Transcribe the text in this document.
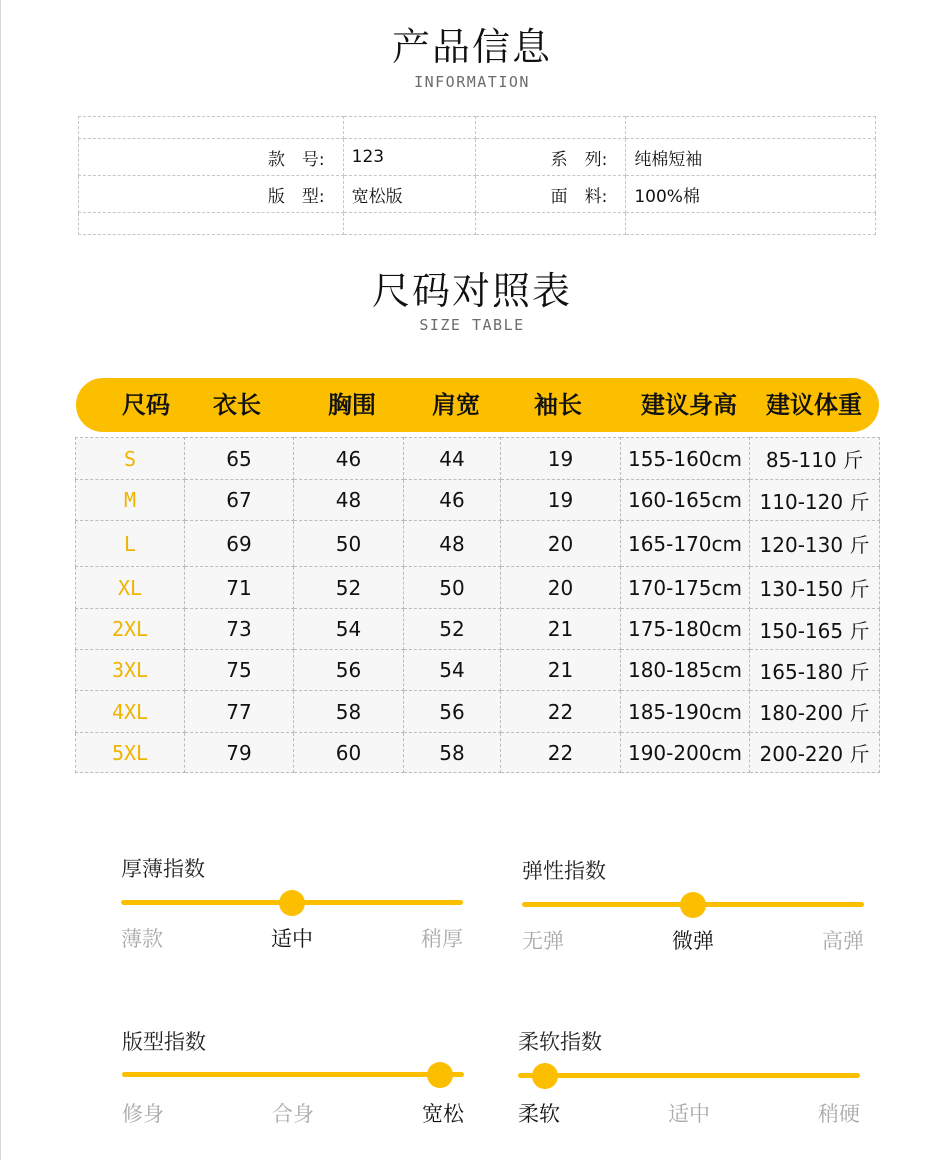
产品信息
INFORMATION

款　号:	123	系　列:	纯棉短袖
版　型:	宽松版	面　料:	100%棉

尺码对照表
SIZE TABLE
尺码	衣长	胸围	肩宽	袖长	建议身高	建议体重
S	65	46	44	19	155-160cm	85-110 斤
M	67	48	46	19	160-165cm	110-120 斤
L	69	50	48	20	165-170cm	120-130 斤
XL	71	52	50	20	170-175cm	130-150 斤
2XL	73	54	52	21	175-180cm	150-165 斤
3XL	75	56	54	21	180-185cm	165-180 斤
4XL	77	58	56	22	185-190cm	180-200 斤
5XL	79	60	58	22	190-200cm	200-220 斤
厚薄指数
薄款	适中	稍厚
弹性指数
无弹	微弹	高弹
版型指数
修身	合身	宽松
柔软指数
柔软	适中	稍硬
